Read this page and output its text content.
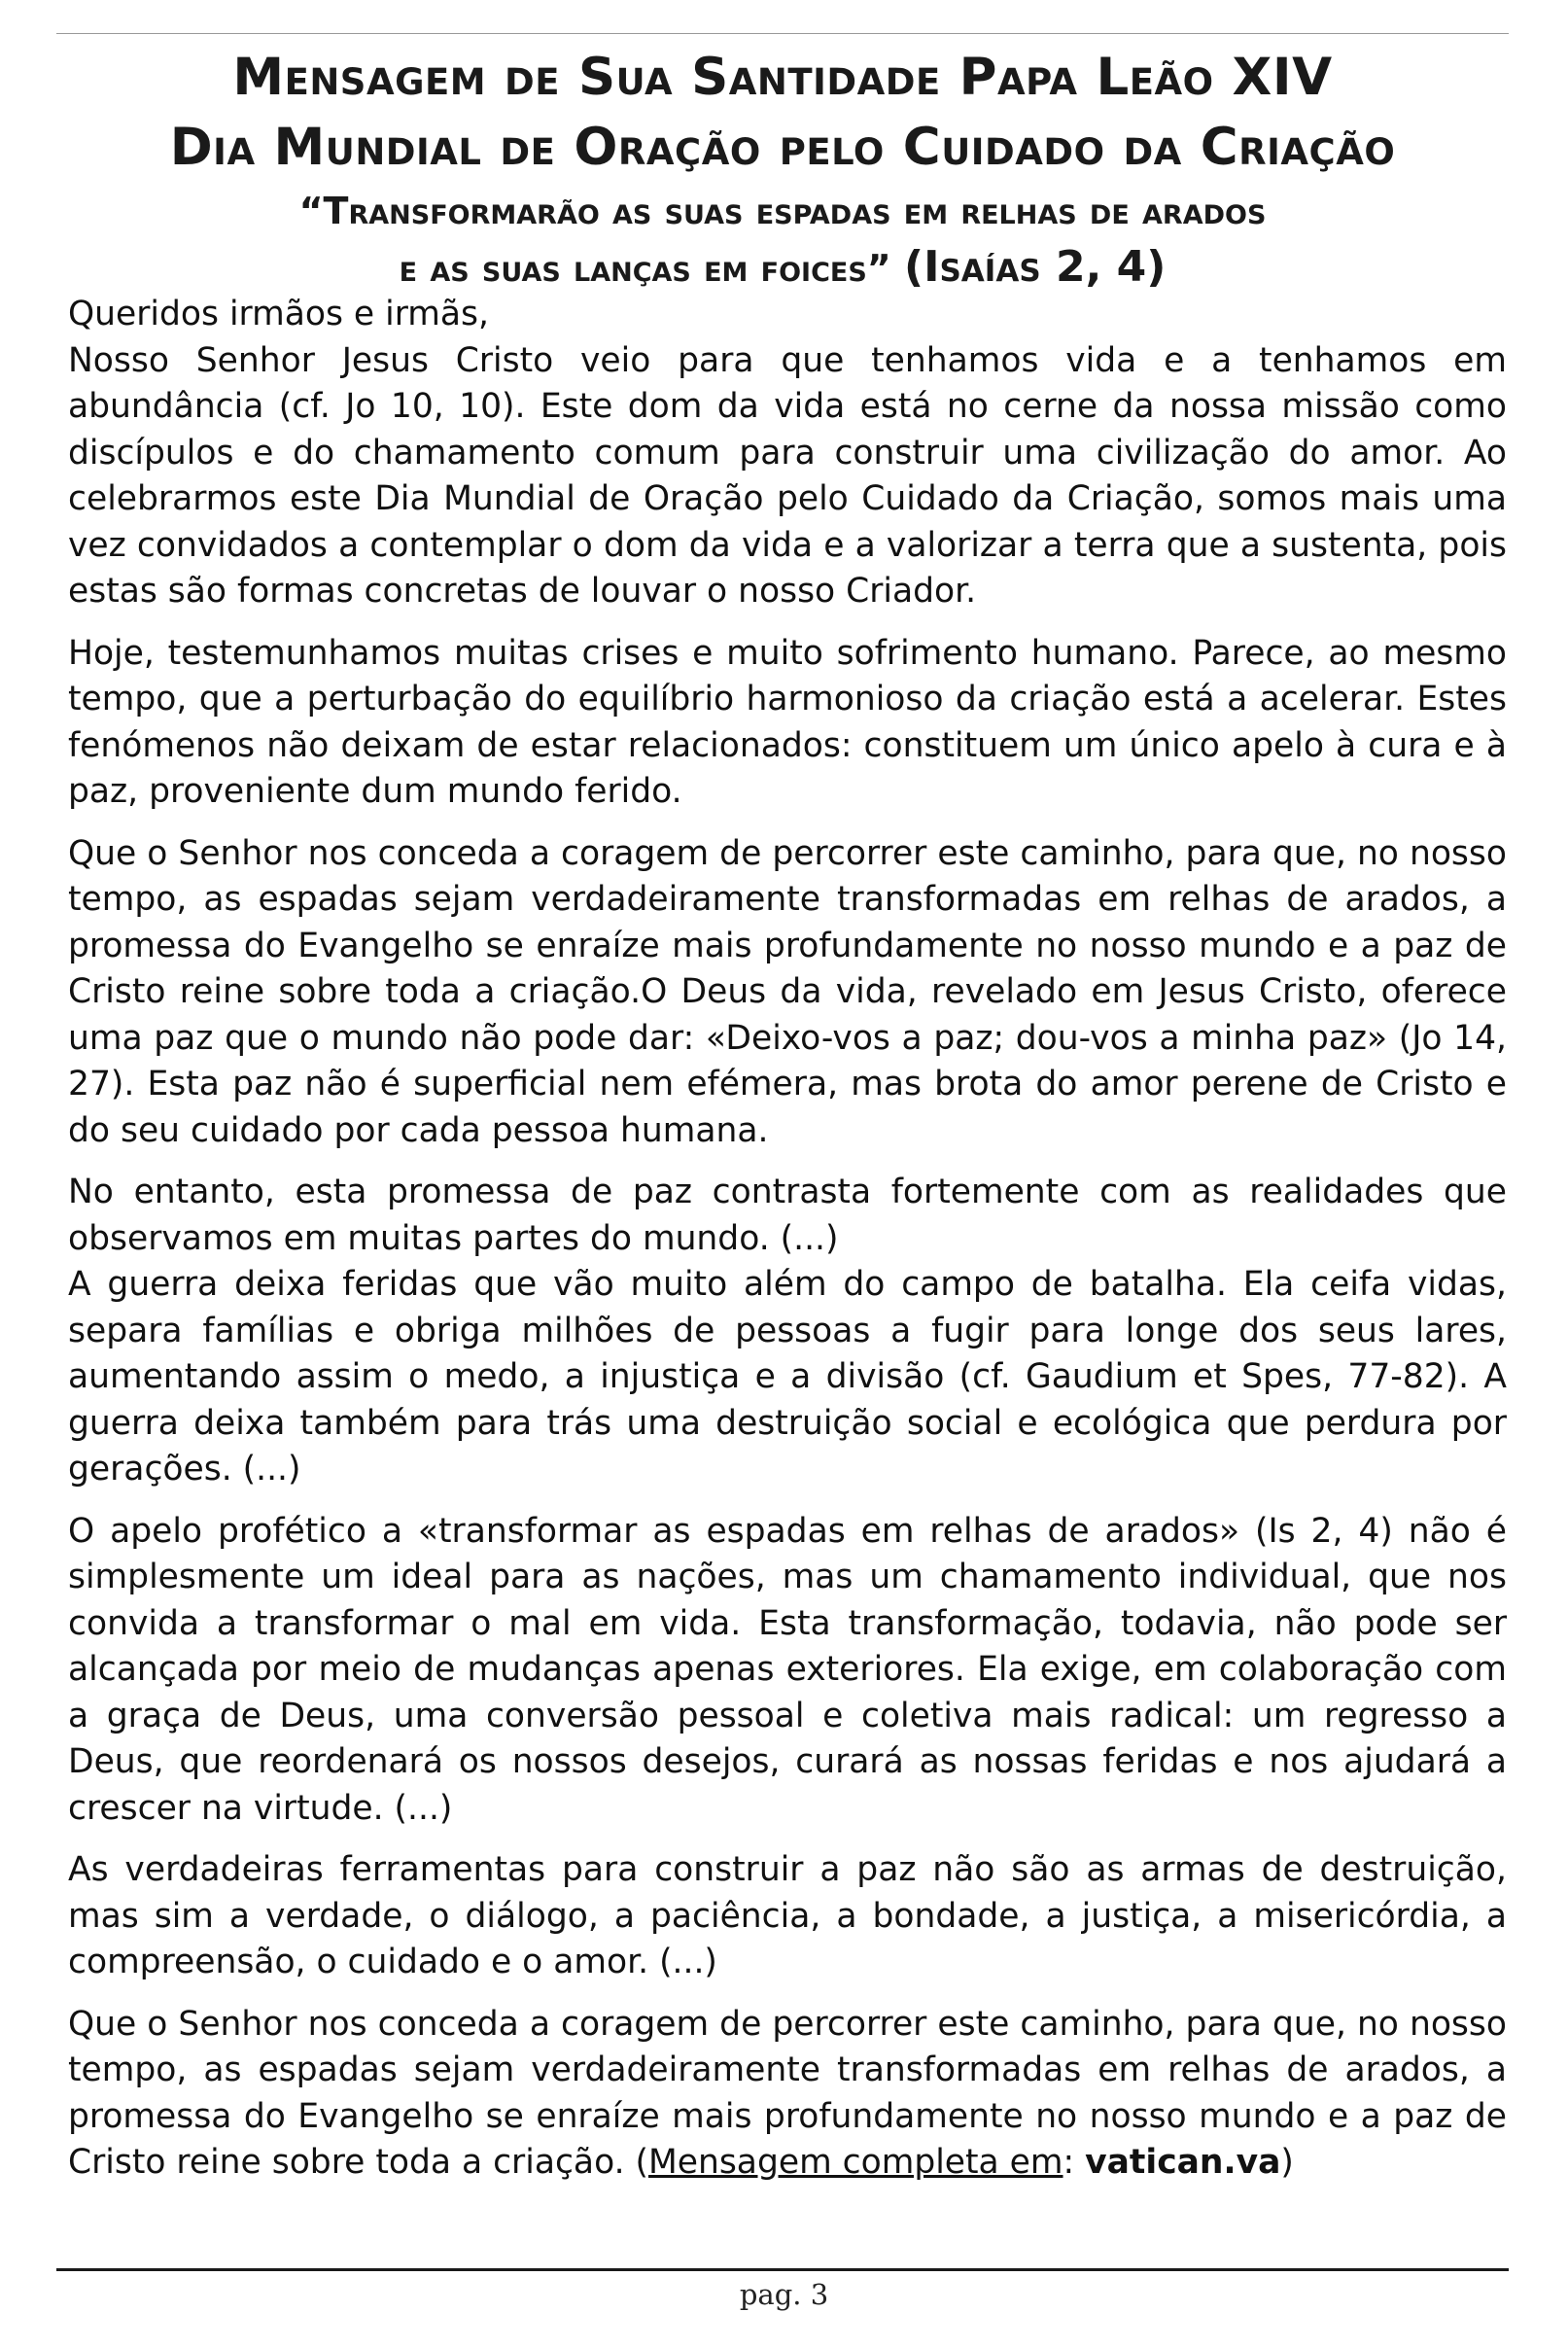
Mensagem de Sua Santidade Papa Leão XIV
Dia Mundial de Oração pelo Cuidado da Criação
“Transformarão as suas espadas em relhas de arados
e as suas lanças em foices” (Isaías 2, 4)

Queridos irmãos e irmãs,

Nosso Senhor Jesus Cristo veio para que tenhamos vida e a tenhamos em abundância (cf. Jo 10, 10). Este dom da vida está no cerne da nossa missão como discípulos e do chamamento comum para construir uma civilização do amor. Ao celebrarmos este Dia Mundial de Oração pelo Cuidado da Criação, somos mais uma vez convidados a contemplar o dom da vida e a valorizar a terra que a sustenta, pois estas são formas concretas de louvar o nosso Criador.

Hoje, testemunhamos muitas crises e muito sofrimento humano. Parece, ao mesmo tempo, que a perturbação do equilíbrio harmonioso da criação está a acelerar. Estes fenómenos não deixam de estar relacionados: constituem um único apelo à cura e à paz, proveniente dum mundo ferido.

Que o Senhor nos conceda a coragem de percorrer este caminho, para que, no nosso tempo, as espadas sejam verdadeiramente transformadas em relhas de arados, a promessa do Evangelho se enraíze mais profundamente no nosso mundo e a paz de Cristo reine sobre toda a criação.O Deus da vida, revelado em Jesus Cristo, oferece uma paz que o mundo não pode dar: «Deixo-vos a paz; dou-vos a minha paz» (Jo 14, 27). Esta paz não é superficial nem efémera, mas brota do amor perene de Cristo e do seu cuidado por cada pessoa humana.

No entanto, esta promessa de paz contrasta fortemente com as realidades que observamos em muitas partes do mundo. (...)

A guerra deixa feridas que vão muito além do campo de batalha. Ela ceifa vidas, separa famílias e obriga milhões de pessoas a fugir para longe dos seus lares, aumentando assim o medo, a injustiça e a divisão (cf. Gaudium et Spes, 77-82). A guerra deixa também para trás uma destruição social e ecológica que perdura por gerações. (...)

O apelo profético a «transformar as espadas em relhas de arados» (Is 2, 4) não é simplesmente um ideal para as nações, mas um chamamento individual, que nos convida a transformar o mal em vida. Esta transformação, todavia, não pode ser alcançada por meio de mudanças apenas exteriores. Ela exige, em colaboração com a graça de Deus, uma conversão pessoal e coletiva mais radical: um regresso a Deus, que reordenará os nossos desejos, curará as nossas feridas e nos ajudará a crescer na virtude. (...)

As verdadeiras ferramentas para construir a paz não são as armas de destruição, mas sim a verdade, o diálogo, a paciência, a bondade, a justiça, a misericórdia, a compreensão, o cuidado e o amor. (...)

Que o Senhor nos conceda a coragem de percorrer este caminho, para que, no nosso tempo, as espadas sejam verdadeiramente transformadas em relhas de arados, a promessa do Evangelho se enraíze mais profundamente no nosso mundo e a paz de Cristo reine sobre toda a criação. (Mensagem completa em: vatican.va)

pag. 3
